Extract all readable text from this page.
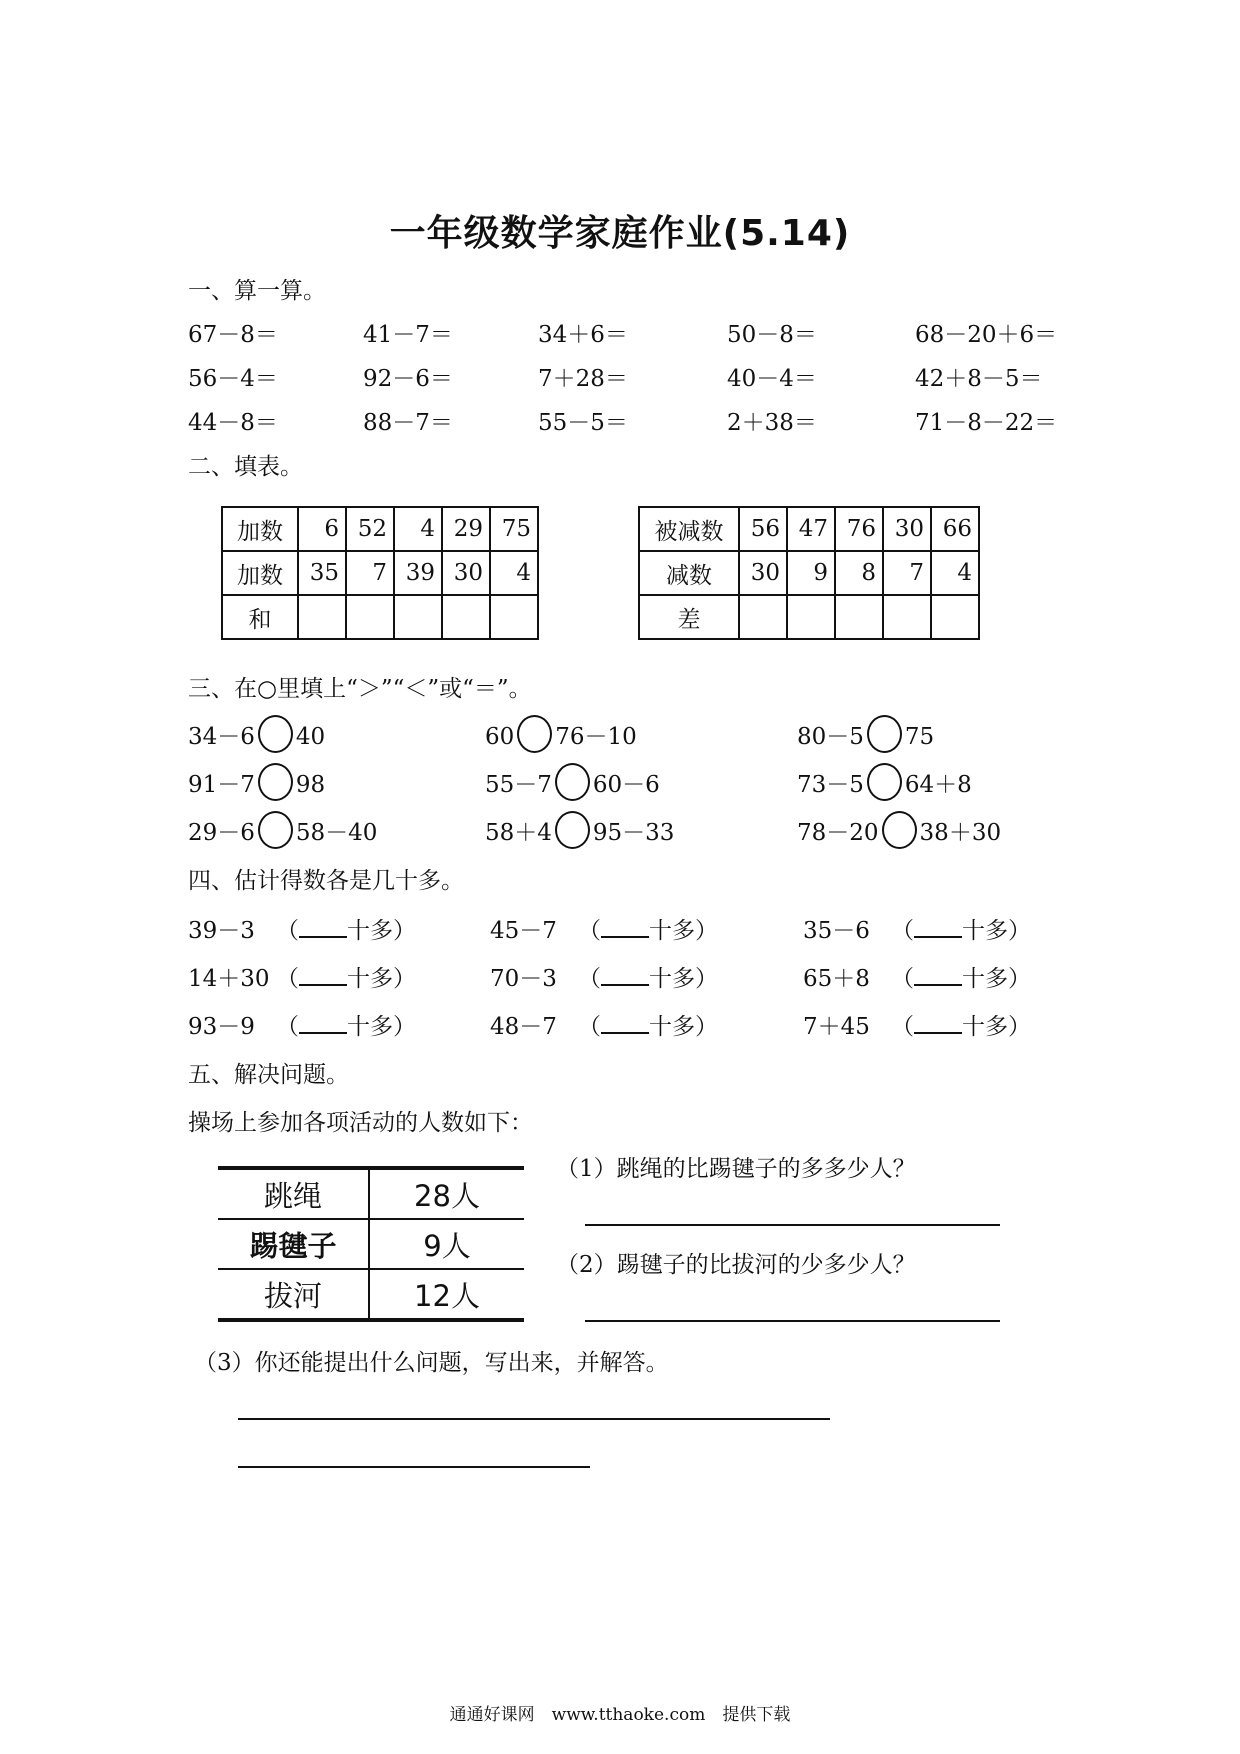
一年级数学家庭作业(5.14)
一、算一算。
67－8＝	41－7＝	34＋6＝	50－8＝	68－20＋6＝
56－4＝	92－6＝	7＋28＝	40－4＝	42＋8－5＝
44－8＝	88－7＝	55－5＝	2＋38＝	71－8－22＝
二、填表。
加数	6	52	4	29	75
加数	35	7	39	30	4
和					
被减数	56	47	76	30	66
减数	30	9	8	7	4
差					
三、在○里填上“＞”“＜”或“＝”。
34－6 40	60 76－10	80－5 75
91－7 98	55－7 60－6	73－5 64＋8
29－6 58－40	58＋4 95－33	78－20 38＋30
四、估计得数各是几十多。
39－3 （ 十多）	45－7 （ 十多）	35－6 （ 十多）
14＋30 （ 十多）	70－3 （ 十多）	65＋8 （ 十多）
93－9 （ 十多）	48－7 （ 十多）	7＋45 （ 十多）
五、解决问题。
操场上参加各项活动的人数如下：
跳绳	28人
踢毽子	9人
拔河	12人
（1）跳绳的比踢毽子的多多少人？
（2）踢毽子的比拔河的少多少人？
（3）你还能提出什么问题，写出来，并解答。
通通好课网　www.tthaoke.com　提供下载
